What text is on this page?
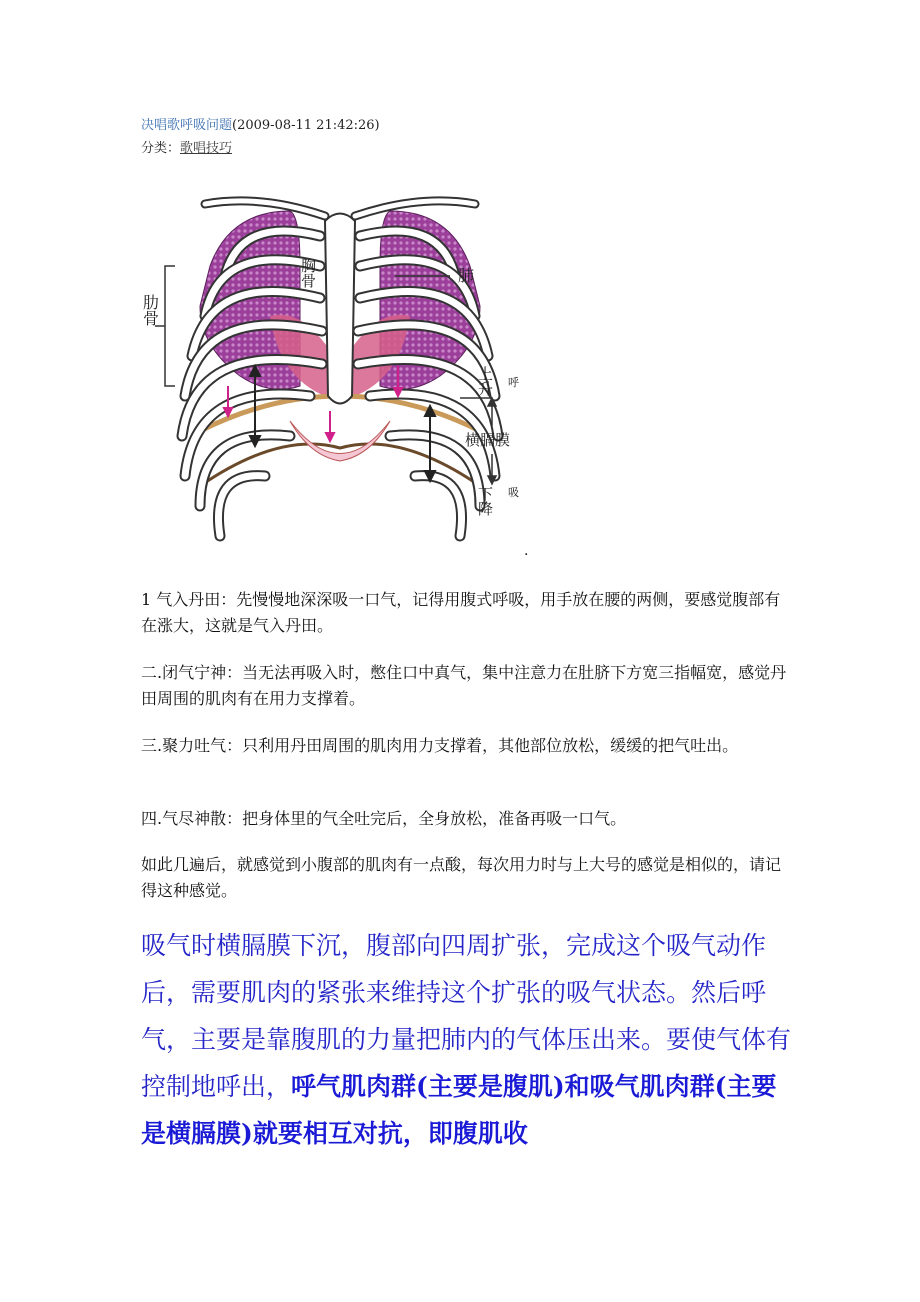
决唱歌呼吸问题(2009-08-11 21:42:26)
分类：歌唱技巧
胸骨	肺
肋骨
上升 呼
横膈膜
下降 吸
.

1 气入丹田：先慢慢地深深吸一口气，记得用腹式呼吸，用手放在腰的两侧，要感觉腹部有在涨大，这就是气入丹田。

二.闭气宁神：当无法再吸入时，憋住口中真气，集中注意力在肚脐下方宽三指幅宽，感觉丹田周围的肌肉有在用力支撑着。

三.聚力吐气：只利用丹田周围的肌肉用力支撑着，其他部位放松，缓缓的把气吐出。

四.气尽神散：把身体里的气全吐完后，全身放松，准备再吸一口气。

如此几遍后，就感觉到小腹部的肌肉有一点酸，每次用力时与上大号的感觉是相似的，请记得这种感觉。

吸气时横膈膜下沉，腹部向四周扩张，完成这个吸气动作后，需要肌肉的紧张来维持这个扩张的吸气状态。然后呼气，主要是靠腹肌的力量把肺内的气体压出来。要使气体有控制地呼出，呼气肌肉群(主要是腹肌)和吸气肌肉群(主要是横膈膜)就要相互对抗，即腹肌收
